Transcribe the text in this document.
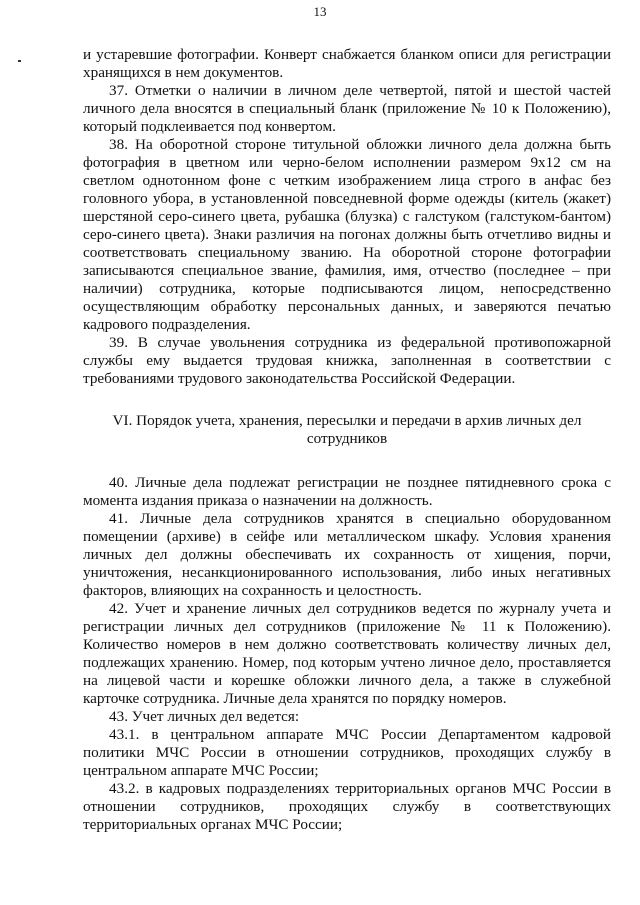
13

и устаревшие фотографии. Конверт снабжается бланком описи для регистрации хранящихся в нем документов.

37. Отметки о наличии в личном деле четвертой, пятой и шестой частей личного дела вносятся в специальный бланк (приложение № 10 к Положению), который подклеивается под конвертом.

38. На оборотной стороне титульной обложки личного дела должна быть фотография в цветном или черно-белом исполнении размером 9х12 см на светлом однотонном фоне с четким изображением лица строго в анфас без головного убора, в установленной повседневной форме одежды (китель (жакет) шерстяной серо-синего цвета, рубашка (блузка) с галстуком (галстуком-бантом) серо-синего цвета). Знаки различия на погонах должны быть отчетливо видны и соответствовать специальному званию. На оборотной стороне фотографии записываются специальное звание, фамилия, имя, отчество (последнее – при наличии) сотрудника, которые подписываются лицом, непосредственно осуществляющим обработку персональных данных, и заверяются печатью кадрового подразделения.

39. В случае увольнения сотрудника из федеральной противопожарной службы ему выдается трудовая книжка, заполненная в соответствии с требованиями трудового законодательства Российской Федерации.

VI. Порядок учета, хранения, пересылки и передачи в архив личных дел сотрудников

40. Личные дела подлежат регистрации не позднее пятидневного срока с момента издания приказа о назначении на должность.

41. Личные дела сотрудников хранятся в специально оборудованном помещении (архиве) в сейфе или металлическом шкафу. Условия хранения личных дел должны обеспечивать их сохранность от хищения, порчи, уничтожения, несанкционированного использования, либо иных негативных факторов, влияющих на сохранность и целостность.

42. Учет и хранение личных дел сотрудников ведется по журналу учета и регистрации личных дел сотрудников (приложение № 11 к Положению). Количество номеров в нем должно соответствовать количеству личных дел, подлежащих хранению. Номер, под которым учтено личное дело, проставляется на лицевой части и корешке обложки личного дела, а также в служебной карточке сотрудника. Личные дела хранятся по порядку номеров.

43. Учет личных дел ведется:

43.1. в центральном аппарате МЧС России Департаментом кадровой политики МЧС России в отношении сотрудников, проходящих службу в центральном аппарате МЧС России;

43.2. в кадровых подразделениях территориальных органов МЧС России в отношении сотрудников, проходящих службу в соответствующих территориальных органах МЧС России;
